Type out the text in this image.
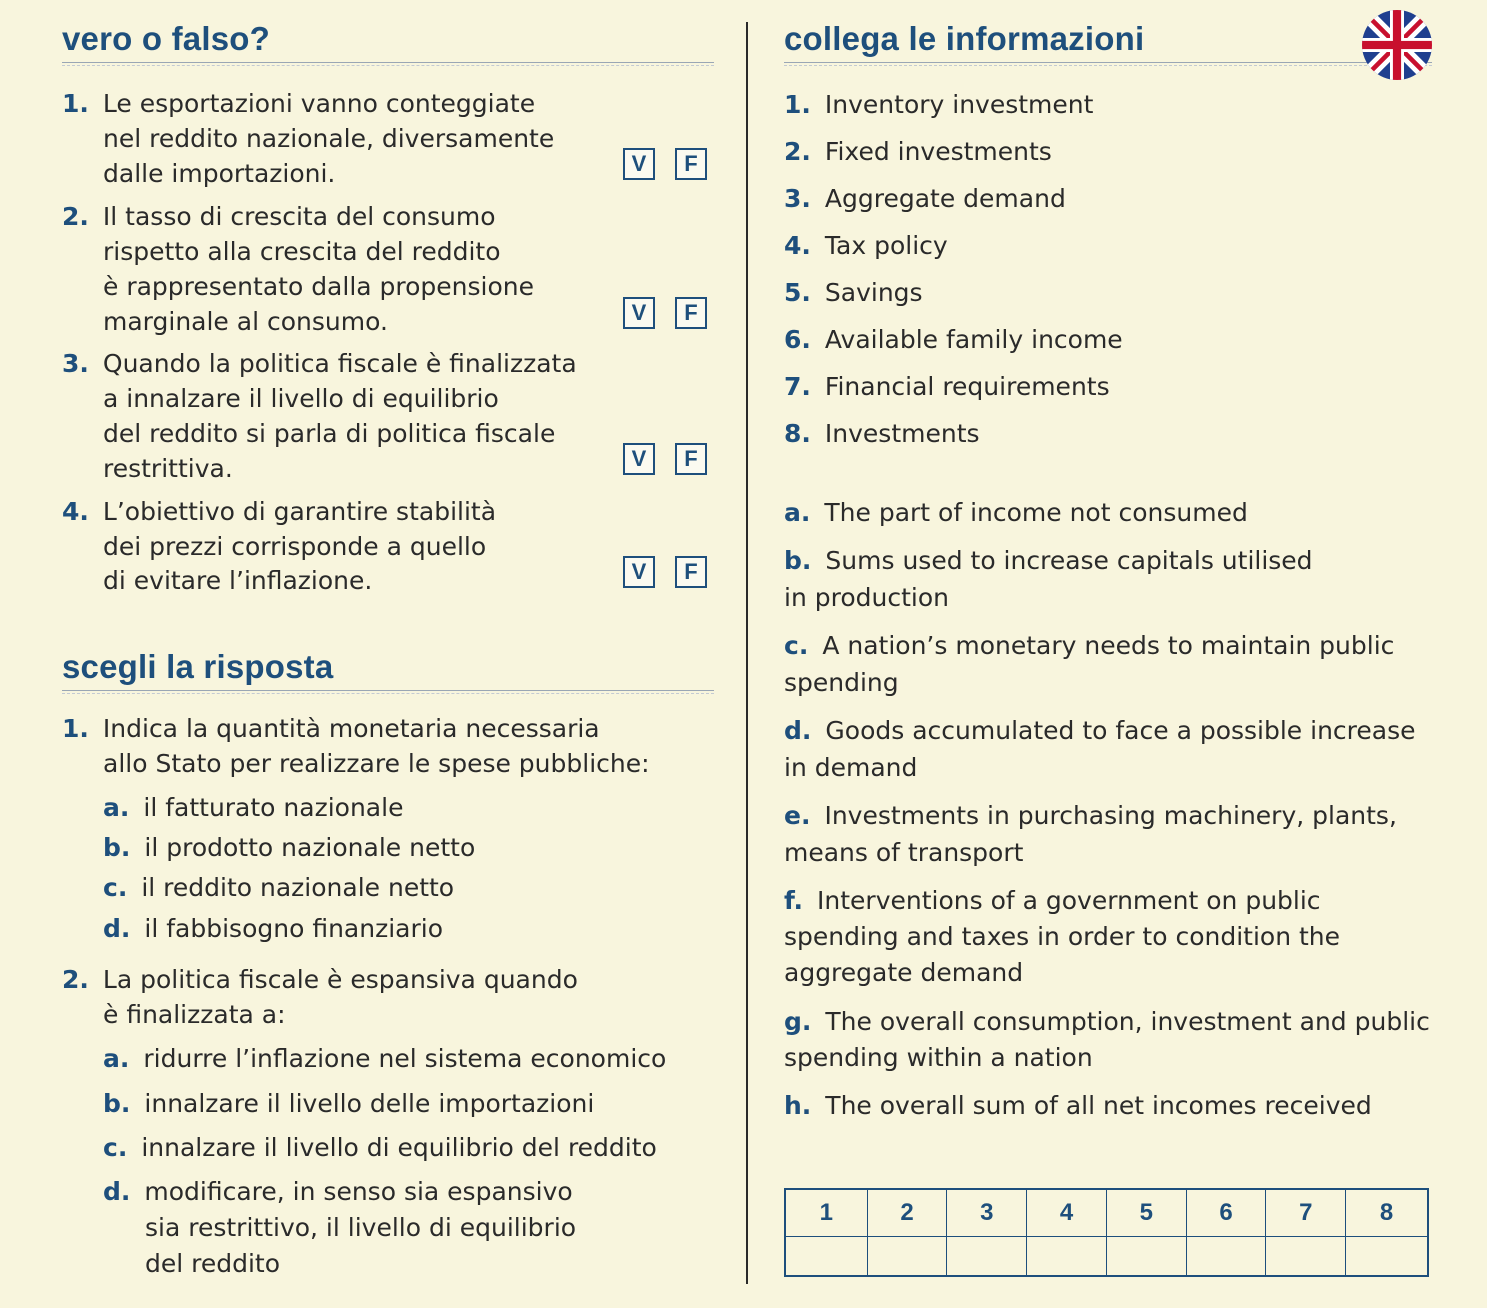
vero o falso?
1. Le esportazioni vanno conteggiate
nel reddito nazionale, diversamente
dalle importazioni.	V	F
2. Il tasso di crescita del consumo
rispetto alla crescita del reddito
è rappresentato dalla propensione
marginale al consumo.	V	F
3. Quando la politica fiscale è finalizzata
a innalzare il livello di equilibrio
del reddito si parla di politica fiscale
restrittiva.	V	F
4. L’obiettivo di garantire stabilità
dei prezzi corrisponde a quello
di evitare l’inflazione.	V	F
scegli la risposta
1. Indica la quantità monetaria necessaria
allo Stato per realizzare le spese pubbliche:
a. il fatturato nazionale
b. il prodotto nazionale netto
c. il reddito nazionale netto
d. il fabbisogno finanziario
2. La politica fiscale è espansiva quando
è finalizzata a:
a. ridurre l’inflazione nel sistema economico
b. innalzare il livello delle importazioni
c. innalzare il livello di equilibrio del reddito
d. modificare, in senso sia espansivo
sia restrittivo, il livello di equilibrio
del reddito
collega le informazioni
1. Inventory investment
2. Fixed investments
3. Aggregate demand
4. Tax policy
5. Savings
6. Available family income
7. Financial requirements
8. Investments
a. The part of income not consumed
b. Sums used to increase capitals utilised
in production
c. A nation’s monetary needs to maintain public
spending
d. Goods accumulated to face a possible increase
in demand
e. Investments in purchasing machinery, plants,
means of transport
f. Interventions of a government on public
spending and taxes in order to condition the
aggregate demand
g. The overall consumption, investment and public
spending within a nation
h. The overall sum of all net incomes received
1	2	3	4	5	6	7	8
